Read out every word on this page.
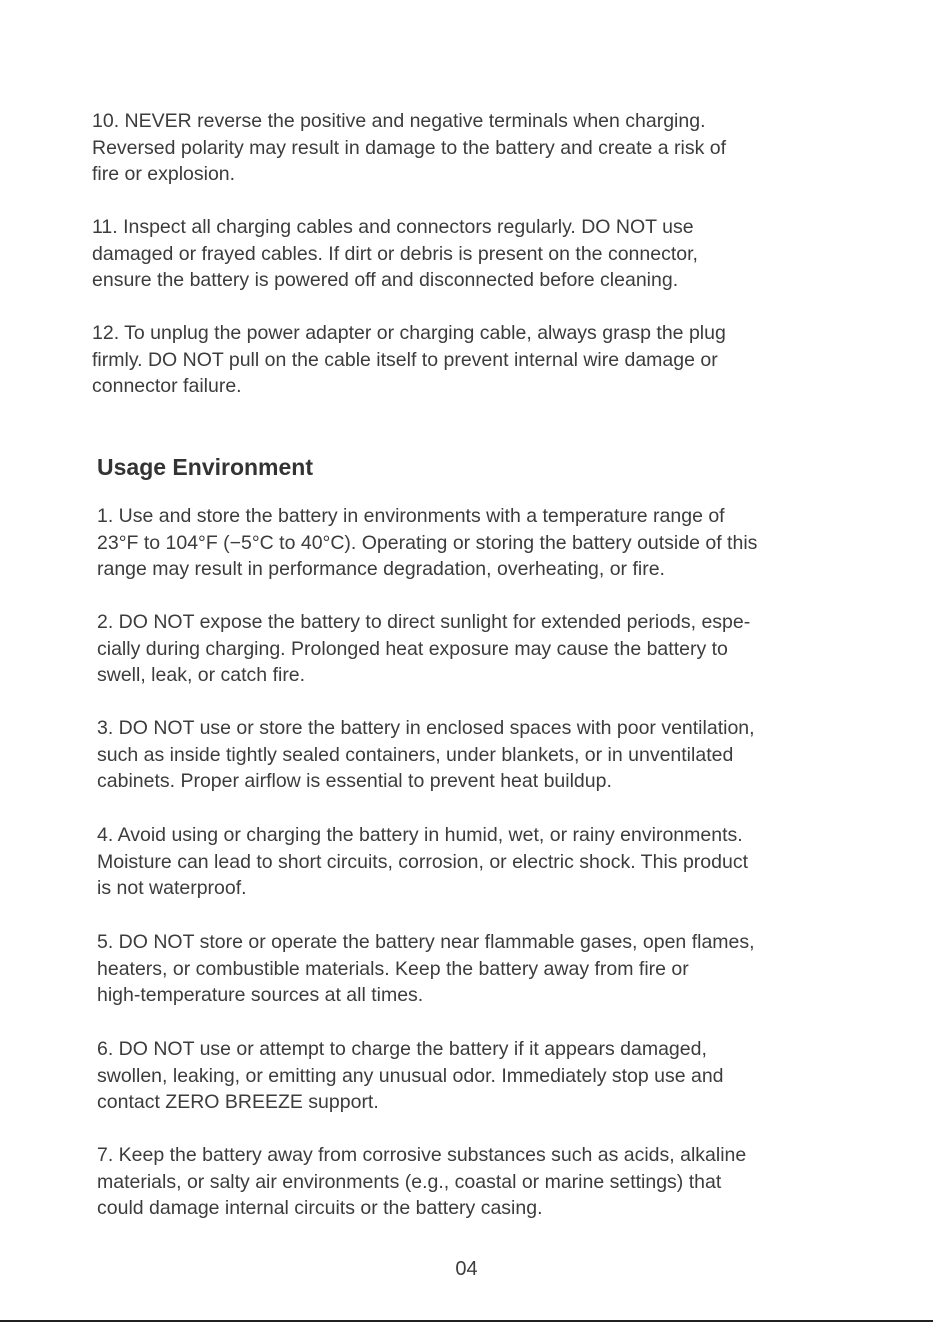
10. NEVER reverse the positive and negative terminals when charging.
Reversed polarity may result in damage to the battery and create a risk of
fire or explosion.

11. Inspect all charging cables and connectors regularly. DO NOT use
damaged or frayed cables. If dirt or debris is present on the connector,
ensure the battery is powered off and disconnected before cleaning.

12. To unplug the power adapter or charging cable, always grasp the plug
firmly. DO NOT pull on the cable itself to prevent internal wire damage or
connector failure.

Usage Environment

1. Use and store the battery in environments with a temperature range of
23°F to 104°F (−5°C to 40°C). Operating or storing the battery outside of this
range may result in performance degradation, overheating, or fire.

2. DO NOT expose the battery to direct sunlight for extended periods, espe-
cially during charging. Prolonged heat exposure may cause the battery to
swell, leak, or catch fire.

3. DO NOT use or store the battery in enclosed spaces with poor ventilation,
such as inside tightly sealed containers, under blankets, or in unventilated
cabinets. Proper airflow is essential to prevent heat buildup.

4. Avoid using or charging the battery in humid, wet, or rainy environments.
Moisture can lead to short circuits, corrosion, or electric shock. This product
is not waterproof.

5. DO NOT store or operate the battery near flammable gases, open flames,
heaters, or combustible materials. Keep the battery away from fire or
high-temperature sources at all times.

6. DO NOT use or attempt to charge the battery if it appears damaged,
swollen, leaking, or emitting any unusual odor. Immediately stop use and
contact ZERO BREEZE support.

7. Keep the battery away from corrosive substances such as acids, alkaline
materials, or salty air environments (e.g., coastal or marine settings) that
could damage internal circuits or the battery casing.

04
